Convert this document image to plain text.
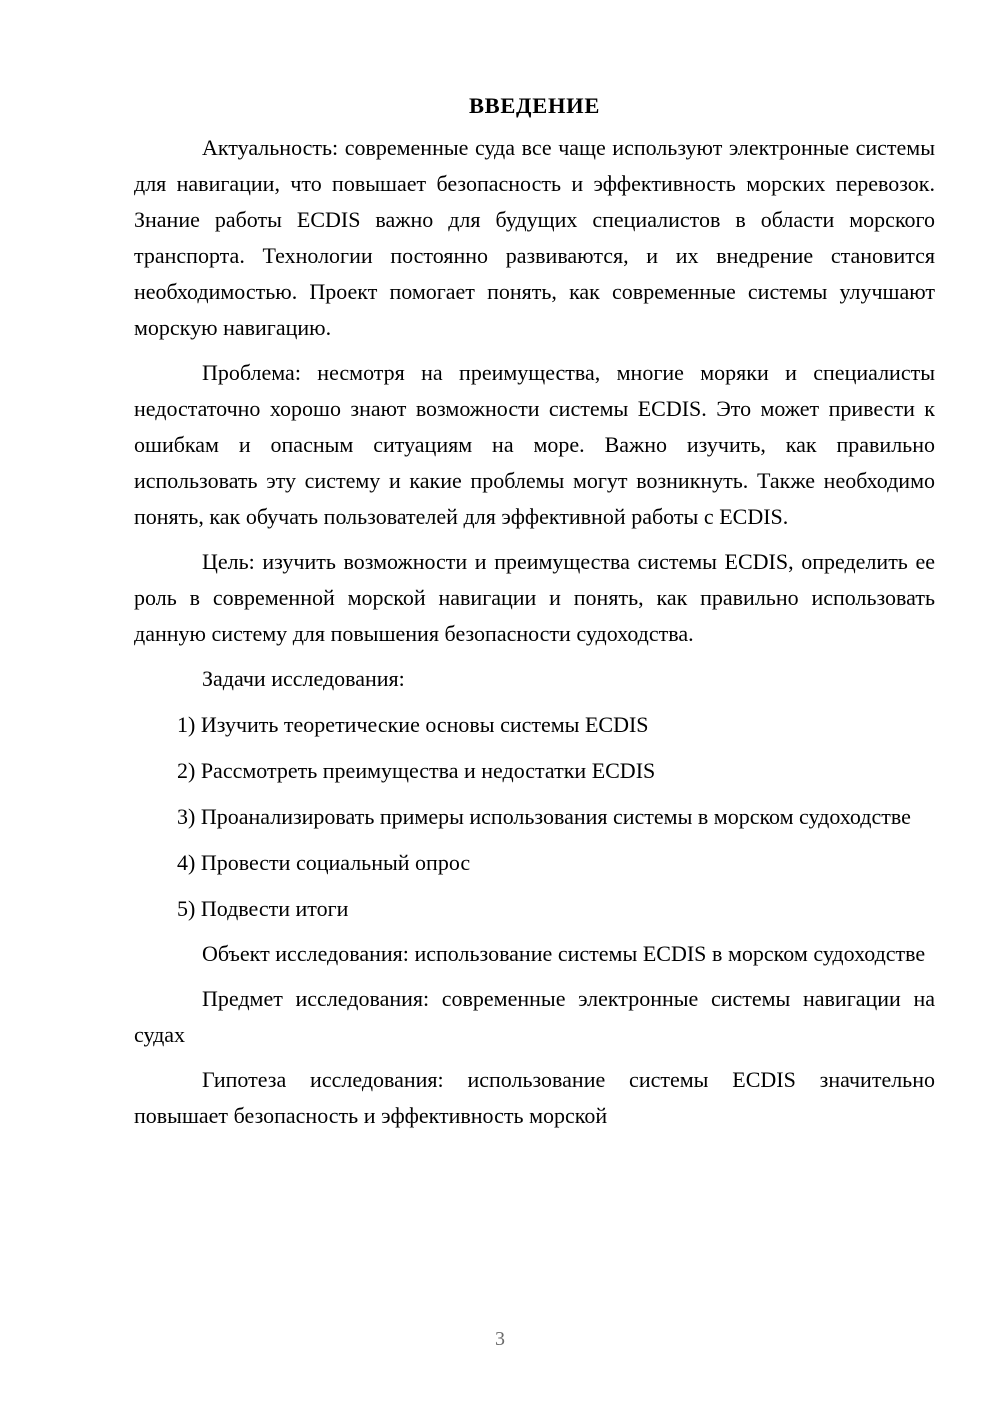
ВВЕДЕНИЕ

Актуальность: современные суда все чаще используют электронные системы для навигации, что повышает безопасность и эффективность морских перевозок. Знание работы ECDIS важно для будущих специалистов в области морского транспорта. Технологии постоянно развиваются, и их внедрение становится необходимостью. Проект помогает понять, как современные системы улучшают морскую навигацию.

Проблема: несмотря на преимущества, многие моряки и специалисты недостаточно хорошо знают возможности системы ECDIS. Это может привести к ошибкам и опасным ситуациям на море. Важно изучить, как правильно использовать эту систему и какие проблемы могут возникнуть. Также необходимо понять, как обучать пользователей для эффективной работы с ECDIS.

Цель: изучить возможности и преимущества системы ECDIS, определить ее роль в современной морской навигации и понять, как правильно использовать данную систему для повышения безопасности судоходства.

Задачи исследования:

1) Изучить теоретические основы системы ECDIS

2) Рассмотреть преимущества и недостатки ECDIS

3) Проанализировать примеры использования системы в морском судоходстве

4) Провести социальный опрос

5) Подвести итоги

Объект исследования: использование системы ECDIS в морском судоходстве

Предмет исследования: современные электронные системы навигации на судах

Гипотеза исследования: использование системы ECDIS значительно повышает безопасность и эффективность морской

3
